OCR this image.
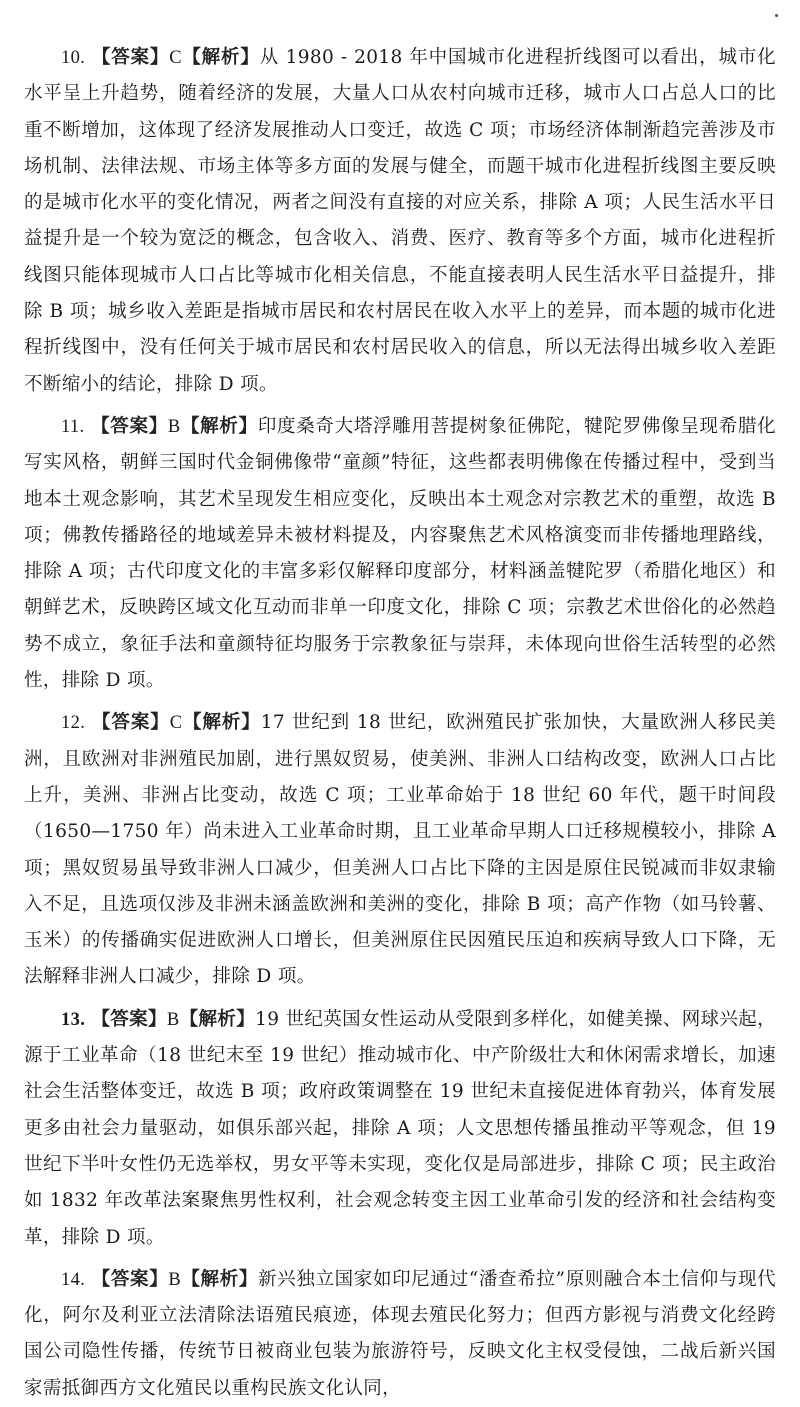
10. 【答案】C【解析】从 1980 - 2018 年中国城市化进程折线图可以看出，城市化水平呈上升趋势，随着经济的发展，大量人口从农村向城市迁移，城市人口占总人口的比重不断增加，这体现了经济发展推动人口变迁，故选 C 项；市场经济体制渐趋完善涉及市场机制、法律法规、市场主体等多方面的发展与健全，而题干城市化进程折线图主要反映的是城市化水平的变化情况，两者之间没有直接的对应关系，排除 A 项；人民生活水平日益提升是一个较为宽泛的概念，包含收入、消费、医疗、教育等多个方面，城市化进程折线图只能体现城市人口占比等城市化相关信息，不能直接表明人民生活水平日益提升，排除 B 项；城乡收入差距是指城市居民和农村居民在收入水平上的差异，而本题的城市化进程折线图中，没有任何关于城市居民和农村居民收入的信息，所以无法得出城乡收入差距不断缩小的结论，排除 D 项。

11. 【答案】B【解析】印度桑奇大塔浮雕用菩提树象征佛陀，犍陀罗佛像呈现希腊化写实风格，朝鲜三国时代金铜佛像带“童颜”特征，这些都表明佛像在传播过程中，受到当地本土观念影响，其艺术呈现发生相应变化，反映出本土观念对宗教艺术的重塑，故选 B 项；佛教传播路径的地域差异未被材料提及，内容聚焦艺术风格演变而非传播地理路线，排除 A 项；古代印度文化的丰富多彩仅解释印度部分，材料涵盖犍陀罗（希腊化地区）和朝鲜艺术，反映跨区域文化互动而非单一印度文化，排除 C 项；宗教艺术世俗化的必然趋势不成立，象征手法和童颜特征均服务于宗教象征与崇拜，未体现向世俗生活转型的必然性，排除 D 项。

12. 【答案】C【解析】17 世纪到 18 世纪，欧洲殖民扩张加快，大量欧洲人移民美洲，且欧洲对非洲殖民加剧，进行黑奴贸易，使美洲、非洲人口结构改变，欧洲人口占比上升，美洲、非洲占比变动，故选 C 项；工业革命始于 18 世纪 60 年代，题干时间段（1650—1750 年）尚未进入工业革命时期，且工业革命早期人口迁移规模较小，排除 A 项；黑奴贸易虽导致非洲人口减少，但美洲人口占比下降的主因是原住民锐减而非奴隶输入不足，且选项仅涉及非洲未涵盖欧洲和美洲的变化，排除 B 项；高产作物（如马铃薯、玉米）的传播确实促进欧洲人口增长，但美洲原住民因殖民压迫和疾病导致人口下降，无法解释非洲人口减少，排除 D 项。

13. 【答案】B【解析】19 世纪英国女性运动从受限到多样化，如健美操、网球兴起，源于工业革命（18 世纪末至 19 世纪）推动城市化、中产阶级壮大和休闲需求增长，加速社会生活整体变迁，故选 B 项；政府政策调整在 19 世纪未直接促进体育勃兴，体育发展更多由社会力量驱动，如俱乐部兴起，排除 A 项；人文思想传播虽推动平等观念，但 19 世纪下半叶女性仍无选举权，男女平等未实现，变化仅是局部进步，排除 C 项；民主政治如 1832 年改革法案聚焦男性权利，社会观念转变主因工业革命引发的经济和社会结构变革，排除 D 项。

14. 【答案】B【解析】新兴独立国家如印尼通过“潘查希拉”原则融合本土信仰与现代化，阿尔及利亚立法清除法语殖民痕迹，体现去殖民化努力；但西方影视与消费文化经跨国公司隐性传播，传统节日被商业包装为旅游符号，反映文化主权受侵蚀，二战后新兴国家需抵御西方文化殖民以重构民族文化认同，
